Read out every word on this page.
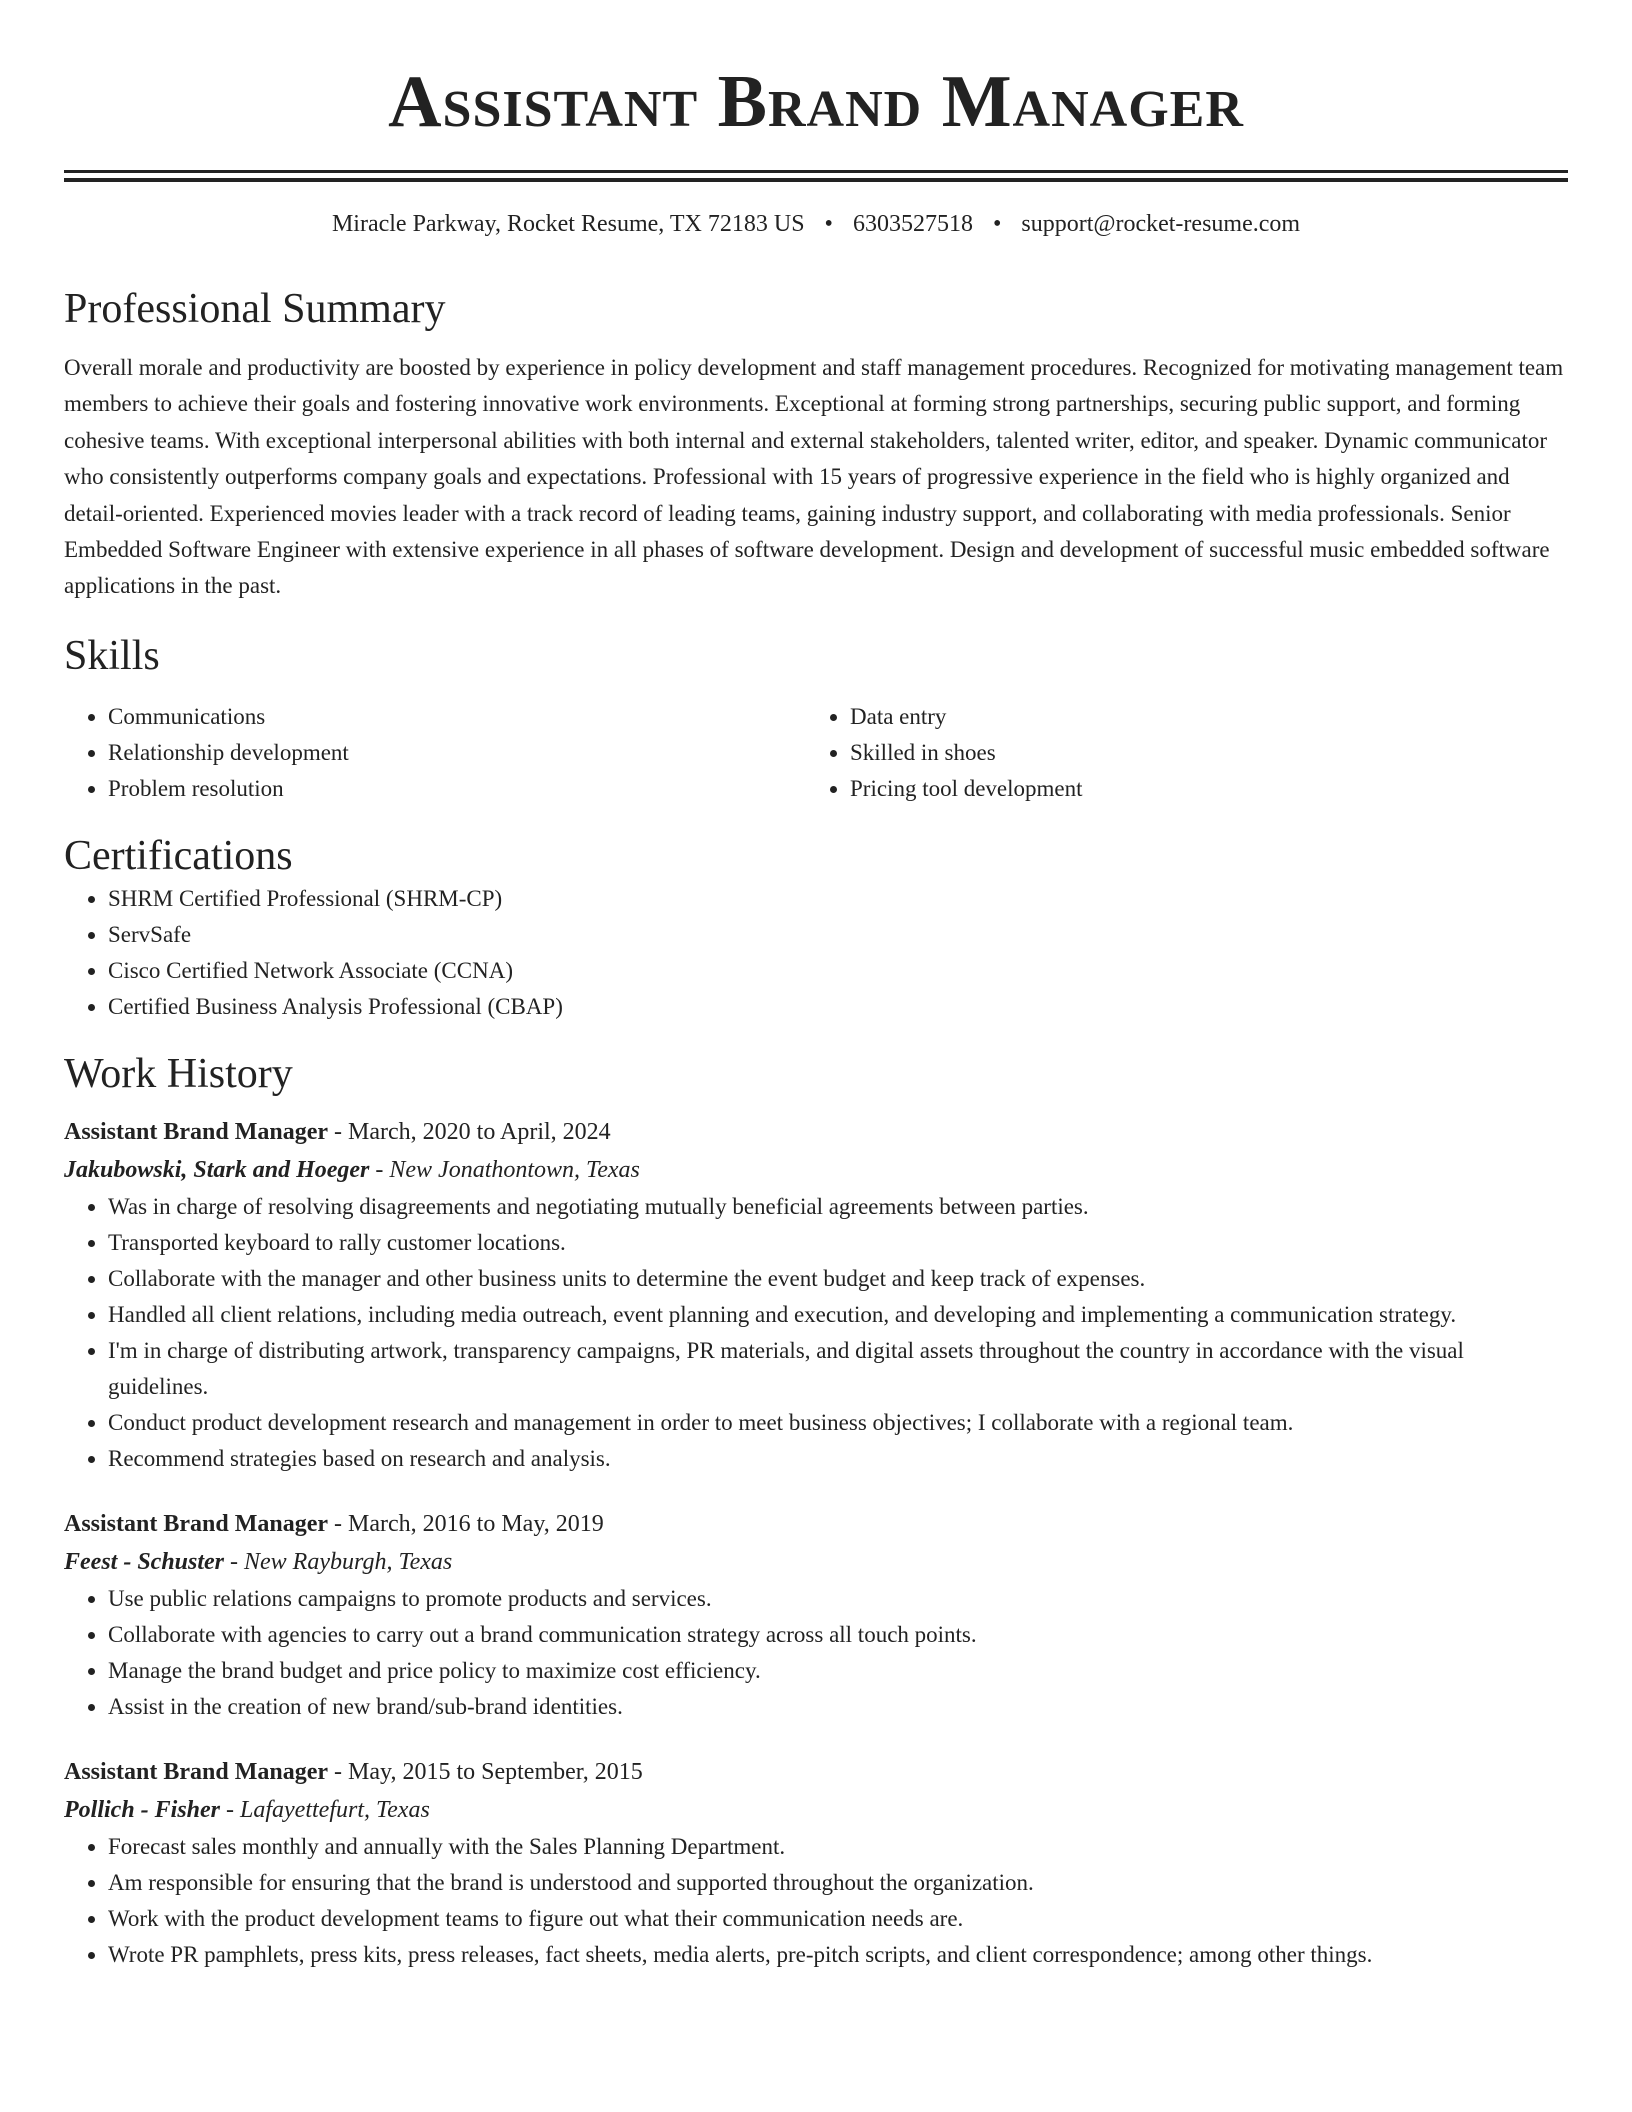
Assistant Brand Manager
Miracle Parkway, Rocket Resume, TX 72183 US • 6303527518 • support@rocket-resume.com
Professional Summary

Overall morale and productivity are boosted by experience in policy development and staff management procedures. Recognized for motivating management team members to achieve their goals and fostering innovative work environments. Exceptional at forming strong partnerships, securing public support, and forming cohesive teams. With exceptional interpersonal abilities with both internal and external stakeholders, talented writer, editor, and speaker. Dynamic communicator who consistently outperforms company goals and expectations. Professional with 15 years of progressive experience in the field who is highly organized and detail-oriented. Experienced movies leader with a track record of leading teams, gaining industry support, and collaborating with media professionals. Senior Embedded Software Engineer with extensive experience in all phases of software development. Design and development of successful music embedded software applications in the past.

Skills
• Communications
• Relationship development
• Problem resolution
• Data entry
• Skilled in shoes
• Pricing tool development
Certifications
• SHRM Certified Professional (SHRM-CP)
• ServSafe
• Cisco Certified Network Associate (CCNA)
• Certified Business Analysis Professional (CBAP)
Work History
Assistant Brand Manager - March, 2020 to April, 2024
Jakubowski, Stark and Hoeger - New Jonathontown, Texas
• Was in charge of resolving disagreements and negotiating mutually beneficial agreements between parties.
• Transported keyboard to rally customer locations.
• Collaborate with the manager and other business units to determine the event budget and keep track of expenses.
• Handled all client relations, including media outreach, event planning and execution, and developing and implementing a communication strategy.
• I'm in charge of distributing artwork, transparency campaigns, PR materials, and digital assets throughout the country in accordance with the visual guidelines.
• Conduct product development research and management in order to meet business objectives; I collaborate with a regional team.
• Recommend strategies based on research and analysis.
Assistant Brand Manager - March, 2016 to May, 2019
Feest - Schuster - New Rayburgh, Texas
• Use public relations campaigns to promote products and services.
• Collaborate with agencies to carry out a brand communication strategy across all touch points.
• Manage the brand budget and price policy to maximize cost efficiency.
• Assist in the creation of new brand/sub-brand identities.
Assistant Brand Manager - May, 2015 to September, 2015
Pollich - Fisher - Lafayettefurt, Texas
• Forecast sales monthly and annually with the Sales Planning Department.
• Am responsible for ensuring that the brand is understood and supported throughout the organization.
• Work with the product development teams to figure out what their communication needs are.
• Wrote PR pamphlets, press kits, press releases, fact sheets, media alerts, pre-pitch scripts, and client correspondence; among other things.
